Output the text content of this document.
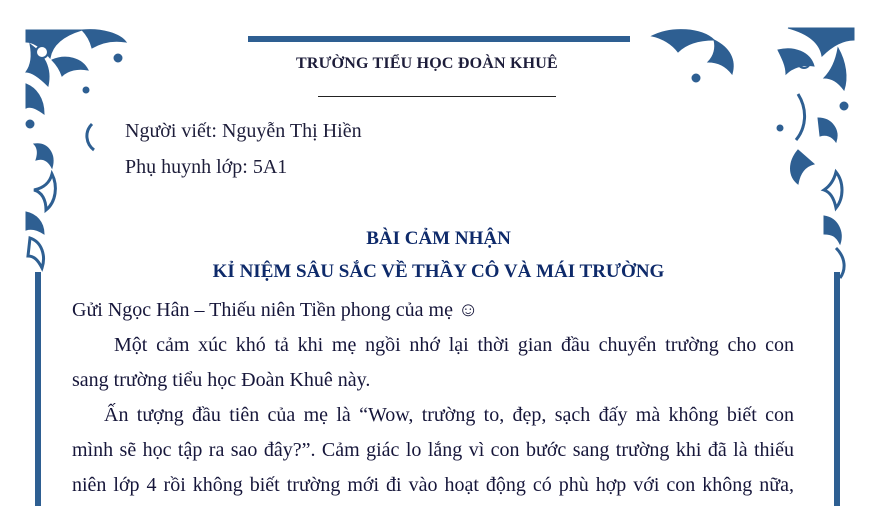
TRƯỜNG TIỂU HỌC ĐOÀN KHUÊ
Người viết: Nguyễn Thị Hiền
Phụ huynh lớp: 5A1
BÀI CẢM NHẬN
KỈ NIỆM SÂU SẮC VỀ THẦY CÔ VÀ MÁI TRƯỜNG
Gửi Ngọc Hân – Thiếu niên Tiền phong của mẹ ☺
Một cảm xúc khó tả khi mẹ ngồi nhớ lại thời gian đầu chuyển trường cho con
sang trường tiểu học Đoàn Khuê này.
Ấn tượng đầu tiên của mẹ là “Wow, trường to, đẹp, sạch đấy mà không biết con
mình sẽ học tập ra sao đây?”. Cảm giác lo lắng vì con bước sang trường khi đã là thiếu
niên lớp 4 rồi không biết trường mới đi vào hoạt động có phù hợp với con không nữa,
